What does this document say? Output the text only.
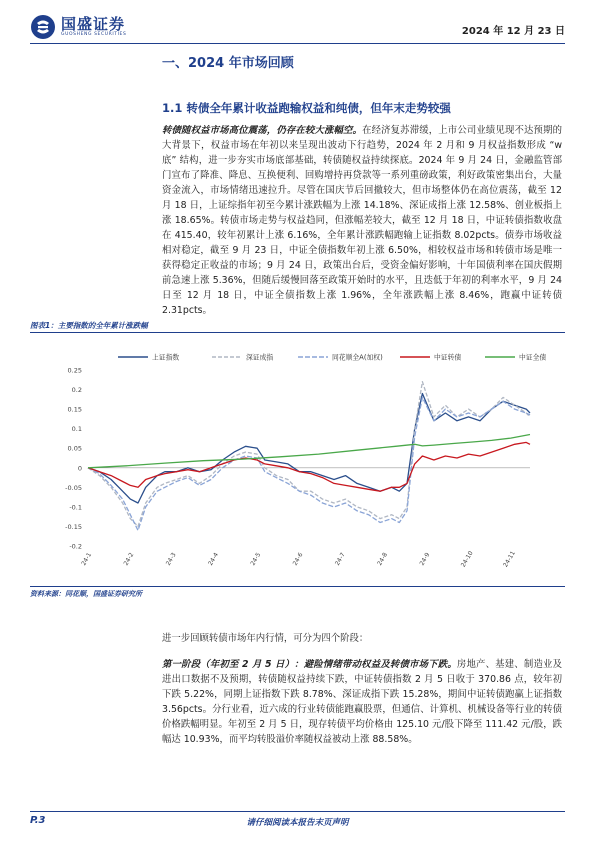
国盛证券
GUOSHENG SECURITIES	2024 年 12 月 23 日
一、2024 年市场回顾
1.1 转债全年累计收益跑输权益和纯债，但年末走势较强
转债随权益市场高位震荡，仍存在较大涨幅空。在经济复苏滞缓，上市公司业绩见现不达预期的大背景下，权益市场在年初以来呈现出波动下行趋势，2024 年 2 月和 9 月权益指数形成 “w 底” 结构，进一步夯实市场底部基础，转债随权益持续探底。2024 年 9 月 24 日，金融监管部门宣布了降准、降息、互换便利、回购增持再贷款等一系列重磅政策，利好政策密集出台，大量资金流入，市场情绪迅速拉升。尽管在国庆节后回撤较大，但市场整体仍在高位震荡，截至 12 月 18 日，上证综指年初至今累计涨跌幅为上涨 14.18%、深证成指上涨 12.58%、创业板指上涨 18.65%。转债市场走势与权益趋同，但涨幅差较大，截至 12 月 18 日，中证转债指数收盘在 415.40，较年初累计上涨 6.16%，全年累计涨跌幅跑输上证指数 8.02pcts。债券市场收益相对稳定，截至 9 月 23 日，中证全债指数年初上涨 6.50%，相较权益市场和转债市场是唯一获得稳定正收益的市场；9 月 24 日，政策出台后，受资金偏好影响，十年国债利率在国庆假期前急速上涨 5.36%，但随后缓慢回落至政策开始时的水平，且迭低于年初的利率水平，9 月 24 日至 12 月 18 日，中证全债指数上涨 1.96%，全年涨跌幅上涨 8.46%，跑赢中证转债 2.31pcts。
图表1：主要指数的全年累计涨跌幅
0.25
0.2
0.15
0.1
0.05
0
-0.05
-0.1
-0.15
-0.2
24-1	24-2	24-3	24-4	24-5	24-6	24-7	24-8	24-9	24-10	24-11
上证指数	深证成指	同花顺全A(加权)	中证转债	中证全债
资料来源：同花顺，国盛证券研究所
进一步回顾转债市场年内行情，可分为四个阶段：
第一阶段（年初至 2 月 5 日）：避险情绪带动权益及转债市场下跌。房地产、基建、制造业及进出口数据不及预期，转债随权益持续下跌，中证转债指数 2 月 5 日收于 370.86 点，较年初下跌 5.22%，同期上证指数下跌 8.78%、深证成指下跌 15.28%，期间中证转债跑赢上证指数 3.56pcts。分行业看，近六成的行业转债能跑赢股票，但通信、计算机、机械设备等行业的转债价格跌幅明显。年初至 2 月 5 日，现存转债平均价格由 125.10 元/股下降至 111.42 元/股，跌幅达 10.93%，而平均转股溢价率随权益被动上涨 88.58%。
P.3	请仔细阅读本报告末页声明
